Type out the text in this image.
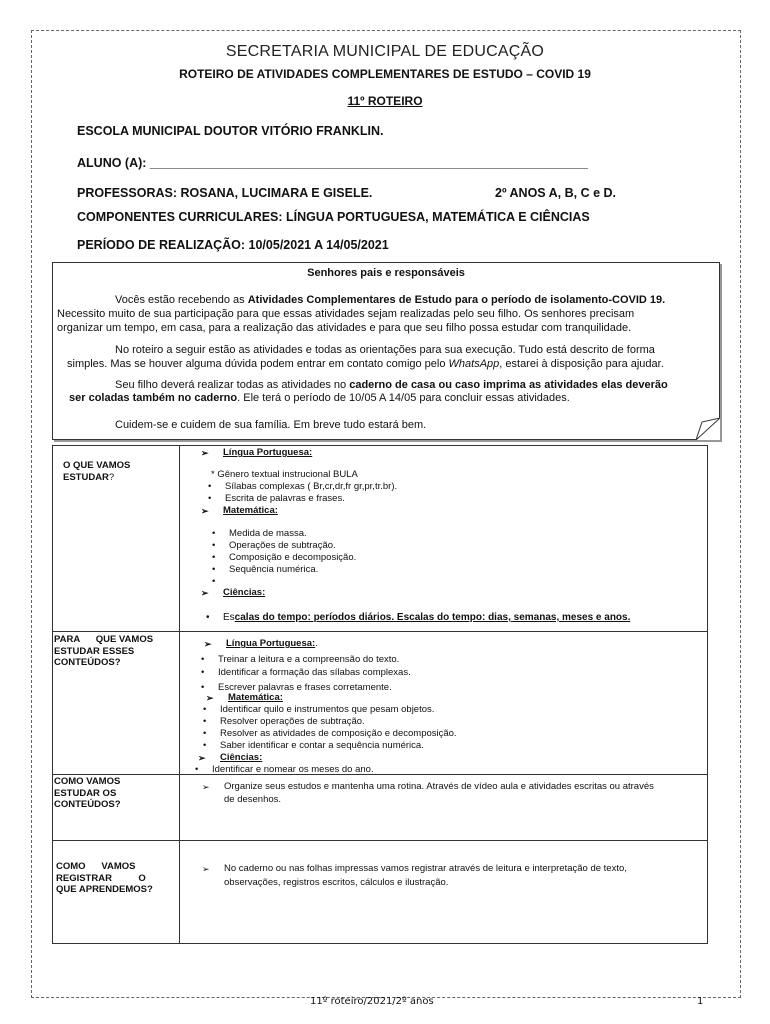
SECRETARIA MUNICIPAL DE EDUCAÇÃO
ROTEIRO DE ATIVIDADES COMPLEMENTARES DE ESTUDO – COVID 19
11º ROTEIRO
ESCOLA MUNICIPAL DOUTOR VITÓRIO FRANKLIN.
ALUNO (A): _______________________________________________________________
PROFESSORAS: ROSANA, LUCIMARA E GISELE.	2º ANOS A, B, C e D.
COMPONENTES CURRICULARES: LÍNGUA PORTUGUESA, MATEMÁTICA E CIÊNCIAS
PERÍODO DE REALIZAÇÃO: 10/05/2021 A 14/05/2021

Senhores pais e responsáveis

Vocês estão recebendo as Atividades Complementares de Estudo para o período de isolamento-COVID 19.

Necessito muito de sua participação para que essas atividades sejam realizadas pelo seu filho. Os senhores precisam

organizar um tempo, em casa, para a realização das atividades e para que seu filho possa estudar com tranquilidade.

No roteiro a seguir estão as atividades e todas as orientações para sua execução. Tudo está descrito de forma

simples. Mas se houver alguma dúvida podem entrar em contato comigo pelo WhatsApp, estarei à disposição para ajudar.

Seu filho deverá realizar todas as atividades no caderno de casa ou caso imprima as atividades elas deverão

ser coladas também no caderno. Ele terá o período de 10/05 A 14/05 para concluir essas atividades.

Cuidem-se e cuidem de sua família. Em breve tudo estará bem.

O QUE VAMOS
ESTUDAR?
➢ Língua Portuguesa:
* Gênero textual instrucional BULA
• Sílabas complexas ( Br,cr,dr,fr gr,pr,tr.br).
• Escrita de palavras e frases.
➢ Matemática:
• Medida de massa.
• Operações de subtração.
• Composição e decomposição.
• Sequência numérica.
➢ Ciências:
• Escalas do tempo: períodos diários. Escalas do tempo: dias, semanas, meses e anos.
PARA      QUE VAMOS
ESTUDAR ESSES
CONTEÚDOS?
➢ Língua Portuguesa:.
• Treinar a leitura e a compreensão do texto.
• Identificar a formação das sílabas complexas.
• Escrever palavras e frases corretamente.
➢ Matemática:
• Identificar quilo e instrumentos que pesam objetos.
• Resolver operações de subtração.
• Resolver as atividades de composição e decomposição.
• Saber identificar e contar a sequência numérica.
➢ Ciências:
• Identificar e nomear os meses do ano.
COMO VAMOS
ESTUDAR OS
CONTEÚDOS?
➢ Organize seus estudos e mantenha uma rotina. Através de vídeo aula e atividades escritas ou através
de desenhos.
COMO      VAMOS
REGISTRAR          O
QUE APRENDEMOS?
➢ No caderno ou nas folhas impressas vamos registrar através de leitura e interpretação de texto,
observações, registros escritos, cálculos e ilustração.
11º roteiro/2021/2º anos	1
